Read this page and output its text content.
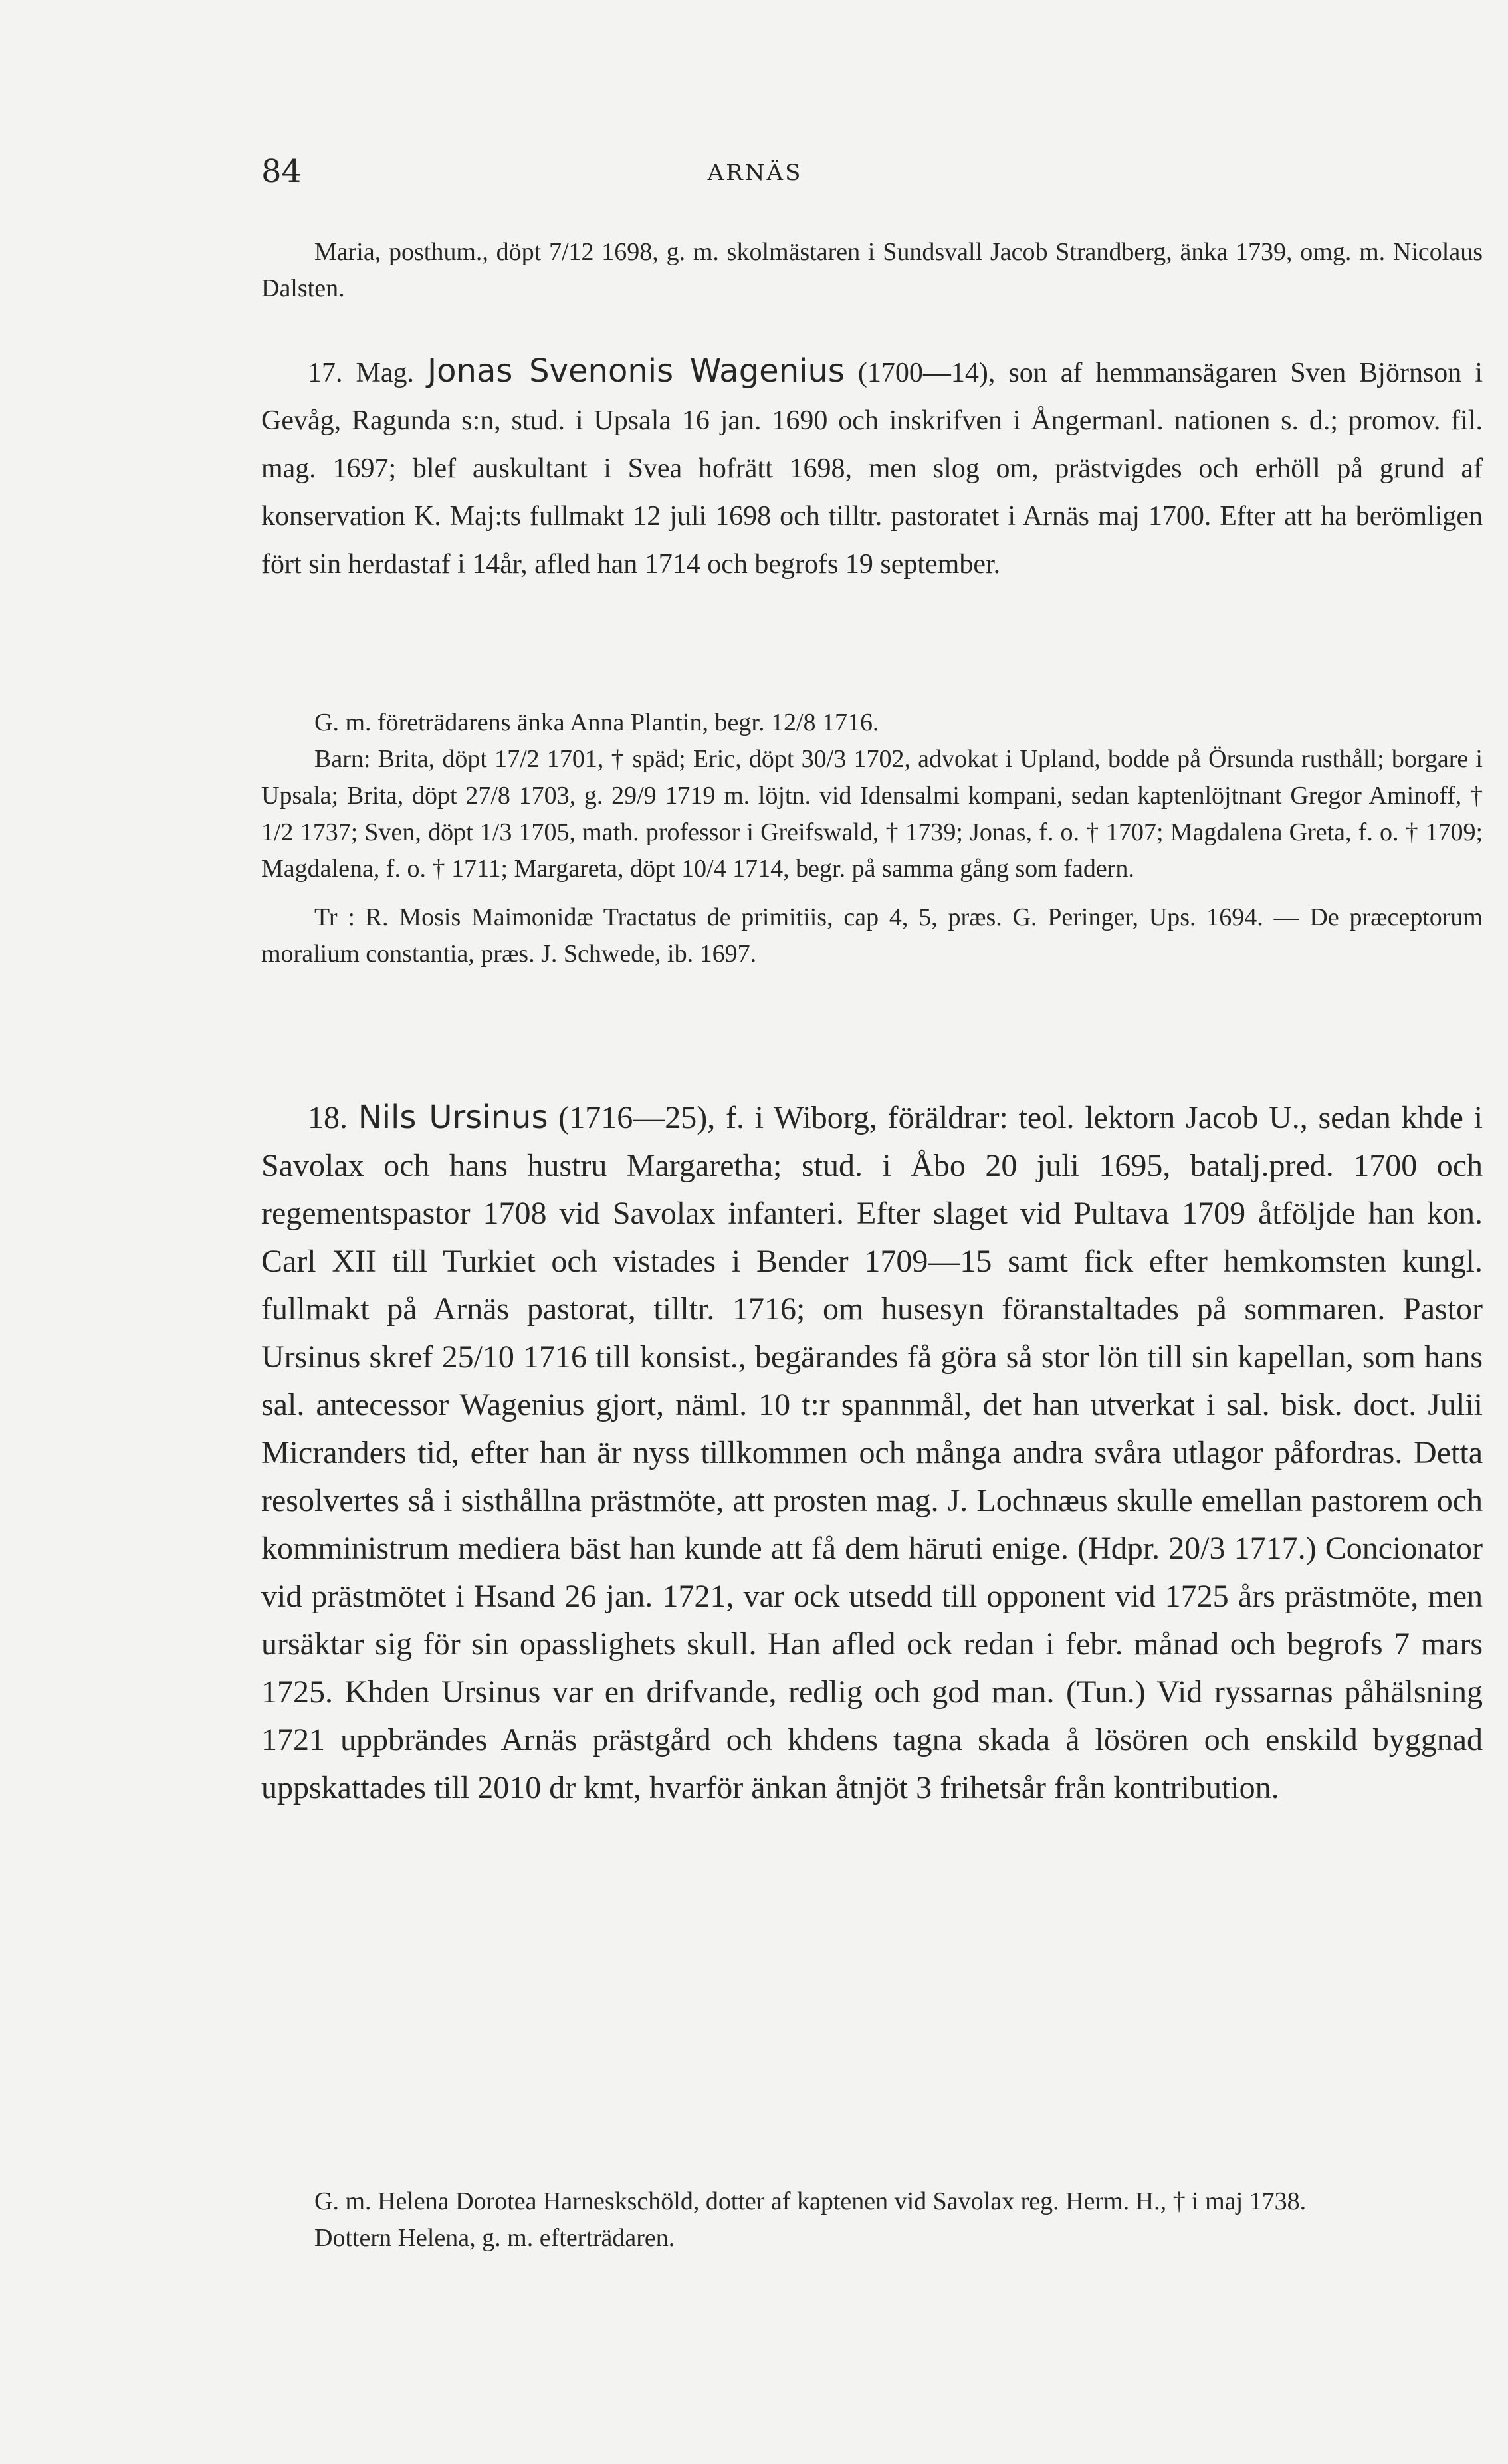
84	ARNÄS

Maria, posthum., döpt 7/12 1698, g. m. skolmästaren i Sundsvall Jacob Strandberg, änka 1739, omg. m. Nicolaus Dalsten.

17. Mag. Jonas Svenonis Wagenius (1700—14), son af hemmansägaren Sven Björnson i Gevåg, Ragunda s:n, stud. i Upsala 16 jan. 1690 och inskrifven i Ångermanl. nationen s. d.; promov. fil. mag. 1697; blef auskultant i Svea hofrätt 1698, men slog om, prästvigdes och erhöll på grund af konservation K. Maj:ts fullmakt 12 juli 1698 och tilltr. pastoratet i Arnäs maj 1700. Efter att ha berömligen fört sin herdastaf i 14år, afled han 1714 och begrofs 19 september.

G. m. företrädarens änka Anna Plantin, begr. 12/8 1716.

Barn: Brita, döpt 17/2 1701, † späd; Eric, döpt 30/3 1702, advokat i Upland, bodde på Örsunda rusthåll; borgare i Upsala; Brita, döpt 27/8 1703, g. 29/9 1719 m. löjtn. vid Idensalmi kompani, sedan kaptenlöjtnant Gregor Aminoff, † 1/2 1737; Sven, döpt 1/3 1705, math. professor i Greifswald, † 1739; Jonas, f. o. † 1707; Magdalena Greta, f. o. † 1709; Magdalena, f. o. † 1711; Margareta, döpt 10/4 1714, begr. på samma gång som fadern.

Tr : R. Mosis Maimonidæ Tractatus de primitiis, cap 4, 5, præs. G. Peringer, Ups. 1694. — De præceptorum moralium constantia, præs. J. Schwede, ib. 1697.

18. Nils Ursinus (1716—25), f. i Wiborg, föräldrar: teol. lektorn Jacob U., sedan khde i Savolax och hans hustru Margaretha; stud. i Åbo 20 juli 1695, batalj.pred. 1700 och regementspastor 1708 vid Savolax infanteri. Efter slaget vid Pultava 1709 åtföljde han kon. Carl XII till Turkiet och vistades i Bender 1709—15 samt fick efter hemkomsten kungl. fullmakt på Arnäs pastorat, tilltr. 1716; om husesyn föranstaltades på sommaren. Pastor Ursinus skref 25/10 1716 till konsist., begärandes få göra så stor lön till sin kapellan, som hans sal. antecessor Wagenius gjort, näml. 10 t:r spannmål, det han utverkat i sal. bisk. doct. Julii Micranders tid, efter han är nyss tillkommen och många andra svåra utlagor påfordras. Detta resolvertes så i sisthållna prästmöte, att prosten mag. J. Lochnæus skulle emellan pastorem och komministrum mediera bäst han kunde att få dem häruti enige. (Hdpr. 20/3 1717.) Concionator vid prästmötet i Hsand 26 jan. 1721, var ock utsedd till opponent vid 1725 års prästmöte, men ursäktar sig för sin opasslighets skull. Han afled ock redan i febr. månad och begrofs 7 mars 1725. Khden Ursinus var en drifvande, redlig och god man. (Tun.) Vid ryssarnas påhälsning 1721 uppbrändes Arnäs prästgård och khdens tagna skada å lösören och enskild byggnad uppskattades till 2010 dr kmt, hvarför änkan åtnjöt 3 frihetsår från kontribution.

G. m. Helena Dorotea Harneskschöld, dotter af kaptenen vid Savolax reg. Herm. H., † i maj 1738.

Dottern Helena, g. m. efterträdaren.
